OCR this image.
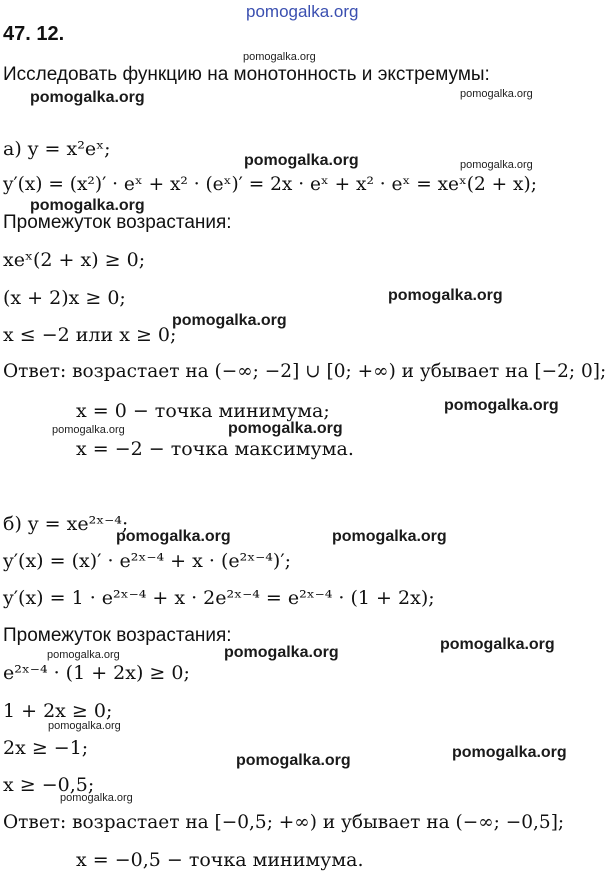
pomogalka.org
47. 12.
Исследовать функцию на монотонность и экстремумы:
а) y = x²eˣ;
y′(x) = (x²)′ · eˣ + x² · (eˣ)′ = 2x · eˣ + x² · eˣ = xeˣ(2 + x);
Промежуток возрастания:
xeˣ(2 + x) ≥ 0;
(x + 2)x ≥ 0;
x ≤ −2 или x ≥ 0;
Ответ: возрастает на (−∞; −2] ∪ [0; +∞) и убывает на [−2; 0];
x = 0 − точка минимума;
x = −2 − точка максимума.
б) y = xe²ˣ⁻⁴;
y′(x) = (x)′ · e²ˣ⁻⁴ + x · (e²ˣ⁻⁴)′;
y′(x) = 1 · e²ˣ⁻⁴ + x · 2e²ˣ⁻⁴ = e²ˣ⁻⁴ · (1 + 2x);
Промежуток возрастания:
e²ˣ⁻⁴ · (1 + 2x) ≥ 0;
1 + 2x ≥ 0;
2x ≥ −1;
x ≥ −0,5;
Ответ: возрастает на [−0,5; +∞) и убывает на (−∞; −0,5];
x = −0,5 − точка минимума.
pomogalka.org
pomogalka.org	pomogalka.org
pomogalka.org	pomogalka.org
pomogalka.org
pomogalka.org
pomogalka.org
pomogalka.org
pomogalka.org	pomogalka.org
pomogalka.org	pomogalka.org
pomogalka.org
pomogalka.org
pomogalka.org
pomogalka.org
pomogalka.org
pomogalka.org
pomogalka.org
